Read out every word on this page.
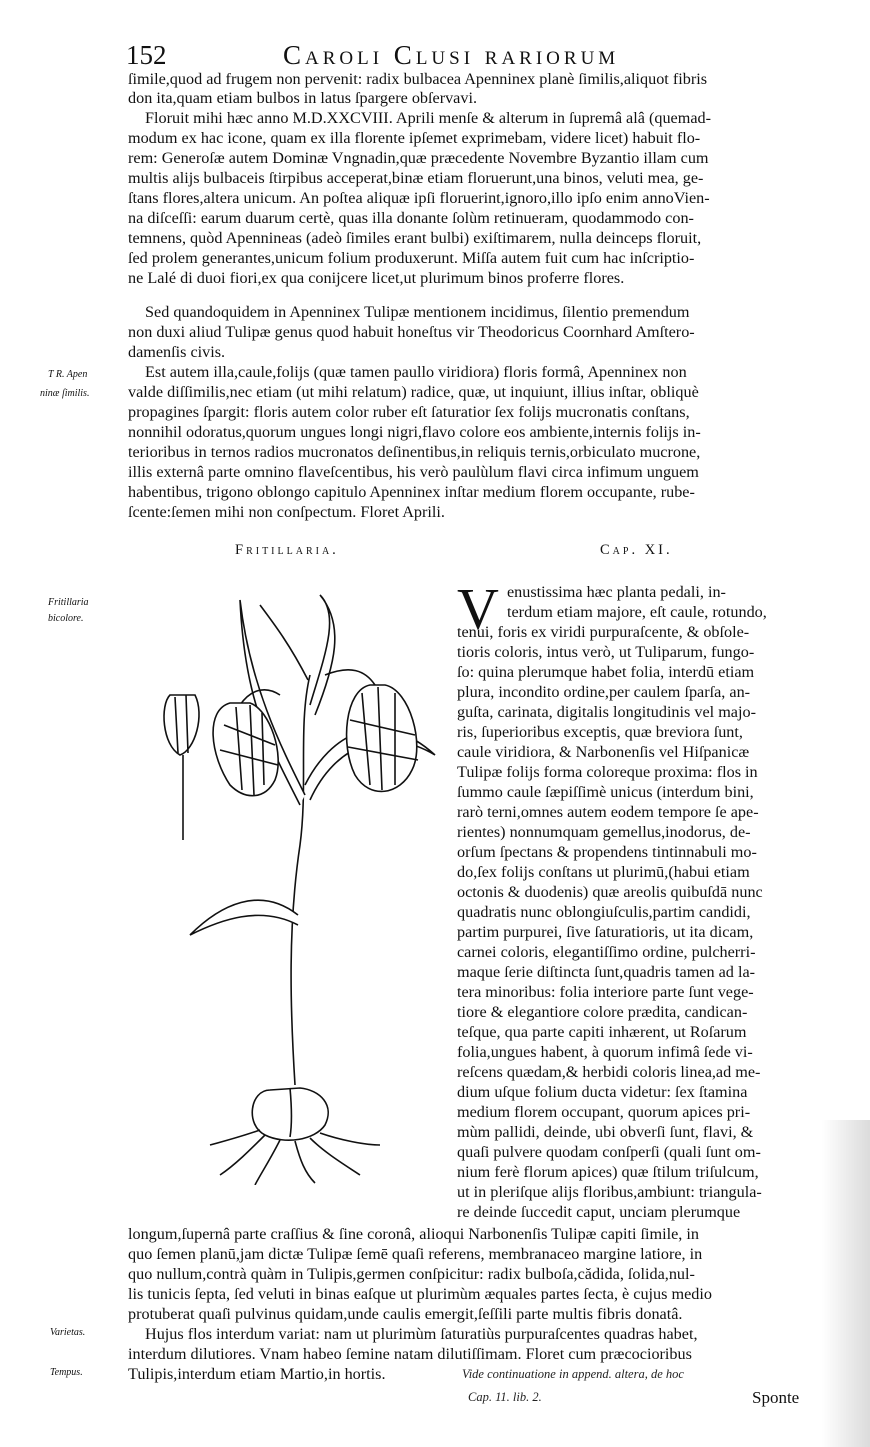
152	Caroli Clusi rariorum
ſimile,quod ad frugem non pervenit: radix bulbacea Apenninex planè ſimilis,aliquot fibris
don ita,quam etiam bulbos in latus ſpargere obſervavi.
Floruit mihi hæc anno M.D.XXCVIII. Aprili menſe & alterum in ſupremâ alâ (quemad-
modum ex hac icone, quam ex illa florente ipſemet exprimebam, videre licet) habuit flo-
rem: Generoſæ autem Dominæ Vngnadin,quæ præcedente Novembre Byzantio illam cum
multis alijs bulbaceis ſtirpibus acceperat,binæ etiam floruerunt,una binos, veluti mea, ge-
ſtans flores,altera unicum. An poſtea aliquæ ipſi floruerint,ignoro,illo ipſo enim annoVien-
na diſceſſi: earum duarum certè, quas illa donante ſolùm retinueram, quodammodo con-
temnens, quòd Apennineas (adeò ſimiles erant bulbi) exiſtimarem, nulla deinceps floruit,
ſed prolem generantes,unicum folium produxerunt. Miſſa autem fuit cum hac inſcriptio-
ne Lalé di duoi fiori,ex qua conijcere licet,ut plurimum binos proferre flores.
Sed quandoquidem in Apenninex Tulipæ mentionem incidimus, ſilentio premendum
non duxi aliud Tulipæ genus quod habuit honeſtus vir Theodoricus Coornhard Amſtero-
damenſis civis.
Est autem illa,caule,folijs (quæ tamen paullo viridiora) floris formâ, Apenninex non
valde diſſimilis,nec etiam (ut mihi relatum) radice, quæ, ut inquiunt, illius inſtar, obliquè
propagines ſpargit: floris autem color ruber eſt ſaturatior ſex folijs mucronatis conſtans,
nonnihil odoratus,quorum ungues longi nigri,flavo colore eos ambiente,internis folijs in-
terioribus in ternos radios mucronatos deſinentibus,in reliquis ternis,orbiculato mucrone,
illis externâ parte omnino flaveſcentibus, his verò paulùlum flavi circa infimum unguem
habentibus, trigono oblongo capitulo Apenninex inſtar medium florem occupante, rube-
ſcente:ſemen mihi non conſpectum. Floret Aprili.
T R. Apen
ninæ ſimilis.
Fritillaria
bicolore.
Varietas.
Tempus.
Fritillaria.	Cap. XI.
V enustissima hæc planta pedali, in-
terdum etiam majore, eſt caule, rotundo,
tenui, foris ex viridi purpuraſcente, & obſole-
tioris coloris, intus verò, ut Tuliparum, fungo-
ſo: quina plerumque habet folia, interdū etiam
plura, incondito ordine,per caulem ſparſa, an-
guſta, carinata, digitalis longitudinis vel majo-
ris, ſuperioribus exceptis, quæ breviora ſunt,
caule viridiora, & Narbonenſis vel Hiſpanicæ
Tulipæ folijs forma coloreque proxima: flos in
ſummo caule ſæpiſſimè unicus (interdum bini,
rarò terni,omnes autem eodem tempore ſe ape-
rientes) nonnumquam gemellus,inodorus, de-
orſum ſpectans & propendens tintinnabuli mo-
do,ſex folijs conſtans ut plurimū,(habui etiam
octonis & duodenis) quæ areolis quibuſdā nunc
quadratis nunc oblongiuſculis,partim candidi,
partim purpurei, ſive ſaturatioris, ut ita dicam,
carnei coloris, elegantiſſimo ordine, pulcherri-
maque ſerie diſtincta ſunt,quadris tamen ad la-
tera minoribus: folia interiore parte ſunt vege-
tiore & elegantiore colore prædita, candican-
teſque, qua parte capiti inhærent, ut Roſarum
folia,ungues habent, à quorum infimâ ſede vi-
reſcens quædam,& herbidi coloris linea,ad me-
dium uſque folium ducta videtur: ſex ſtamina
medium florem occupant, quorum apices pri-
mùm pallidi, deinde, ubi obverſi ſunt, flavi, &
quaſi pulvere quodam conſperſi (quali ſunt om-
nium ferè florum apices) quæ ſtilum triſulcum,
ut in pleriſque alijs floribus,ambiunt: triangula-
re deinde ſuccedit caput, unciam plerumque
longum,ſupernâ parte craſſius & ſine coronâ, alioqui Narbonenſis Tulipæ capiti ſimile, in
quo ſemen planū,jam dictæ Tulipæ ſemē quaſi referens, membranaceo margine latiore, in
quo nullum,contrà quàm in Tulipis,germen conſpicitur: radix bulboſa,cădida, ſolida,nul-
lis tunicis ſepta, ſed veluti in binas eaſque ut plurimùm æquales partes ſecta, è cujus medio
protuberat quaſi pulvinus quidam,unde caulis emergit,ſeſſili parte multis fibris donatâ.
Hujus flos interdum variat: nam ut plurimùm ſaturatiùs purpuraſcentes quadras habet,
interdum dilutiores. Vnam habeo ſemine natam dilutiſſimam. Floret cum præcocioribus
Tulipis,interdum etiam Martio,in hortis.	Vide continuatione in append. altera, de hoc
Cap. 11. lib. 2.	Sponte
